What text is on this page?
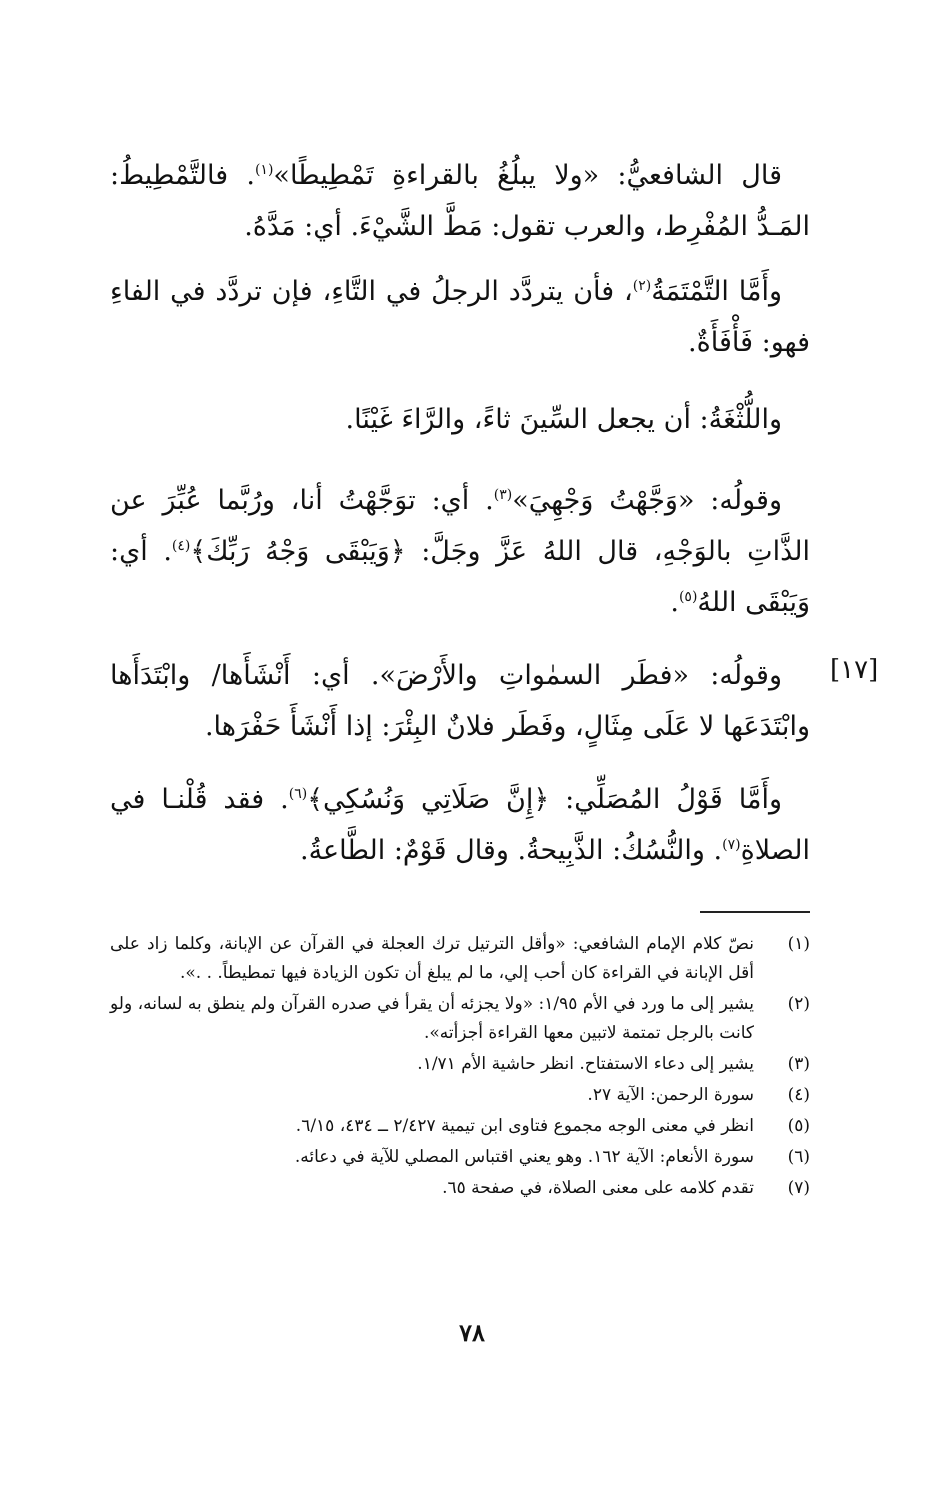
قال الشافعيُّ: «ولا يبلُغُ بالقراءةِ تَمْطِيطًا»$^{(١)}$. فالتَّمْطِيطُ: المَـدُّ المُفْرِط، والعرب تقول: مَطَّ الشَّيْءَ. أي: مَدَّهُ.

وأَمَّا التَّمْتَمَةُ$^{(٢)}$، فأن يتردَّد الرجلُ في التَّاءِ، فإن تردَّد في الفاءِ فهو: فَأْفَأَةٌ.

واللُّثْغَةُ: أن يجعل السِّينَ ثاءً، والرَّاءَ غَيْنًا.

وقولُه: «وَجَّهْتُ وَجْهِيَ»$^{(٣)}$. أي: توَجَّهْتُ أنا، ورُبَّما عُبِّرَ عن الذَّاتِ بالوَجْهِ، قال اللهُ عَزَّ وجَلَّ: ﴿وَيَبْقَى وَجْهُ رَبِّكَ﴾$^{(٤)}$. أي: وَيَبْقَى اللهُ$^{(٥)}$.

وقولُه: «فطَر السمٰواتِ والأَرْضَ». أي: أَنْشَأَها/ وابْتَدَأَها وابْتَدَعَها لا عَلَى مِثَالٍ، وفَطَر فلانٌ البِئْرَ: إذا أَنْشَأَ حَفْرَها.

وأَمَّا قَوْلُ المُصَلِّي: ﴿إِنَّ صَلَاتِي وَنُسُكِي﴾$^{(٦)}$. فقد قُلْنـا في الصلاةِ$^{(٧)}$. والنُّسُكُ: الذَّبِيحةُ. وقال قَوْمٌ: الطَّاعةُ.

[١٧]
(١)
نصّ كلام الإمام الشافعي: «وأقل الترتيل ترك العجلة في القرآن عن الإبانة، وكلما زاد على أقل الإبانة في القراءة كان أحب إلي، ما لم يبلغ أن تكون الزيادة فيها تمطيطاً. . .».
(٢)
يشير إلى ما ورد في الأم ١/٩٥: «ولا يجزئه أن يقرأ في صدره القرآن ولم ينطق به لسانه، ولو كانت بالرجل تمتمة لاتبين معها القراءة أجزأته».
(٣)
يشير إلى دعاء الاستفتاح. انظر حاشية الأم ١/٧١.
(٤)
سورة الرحمن: الآية ٢٧.
(٥)
انظر في معنى الوجه مجموع فتاوى ابن تيمية ٢/٤٢٧ ــ ٤٣٤، ٦/١٥.
(٦)
سورة الأنعام: الآية ١٦٢. وهو يعني اقتباس المصلي للآية في دعائه.
(٧)
تقدم كلامه على معنى الصلاة، في صفحة ٦٥.
٧٨
